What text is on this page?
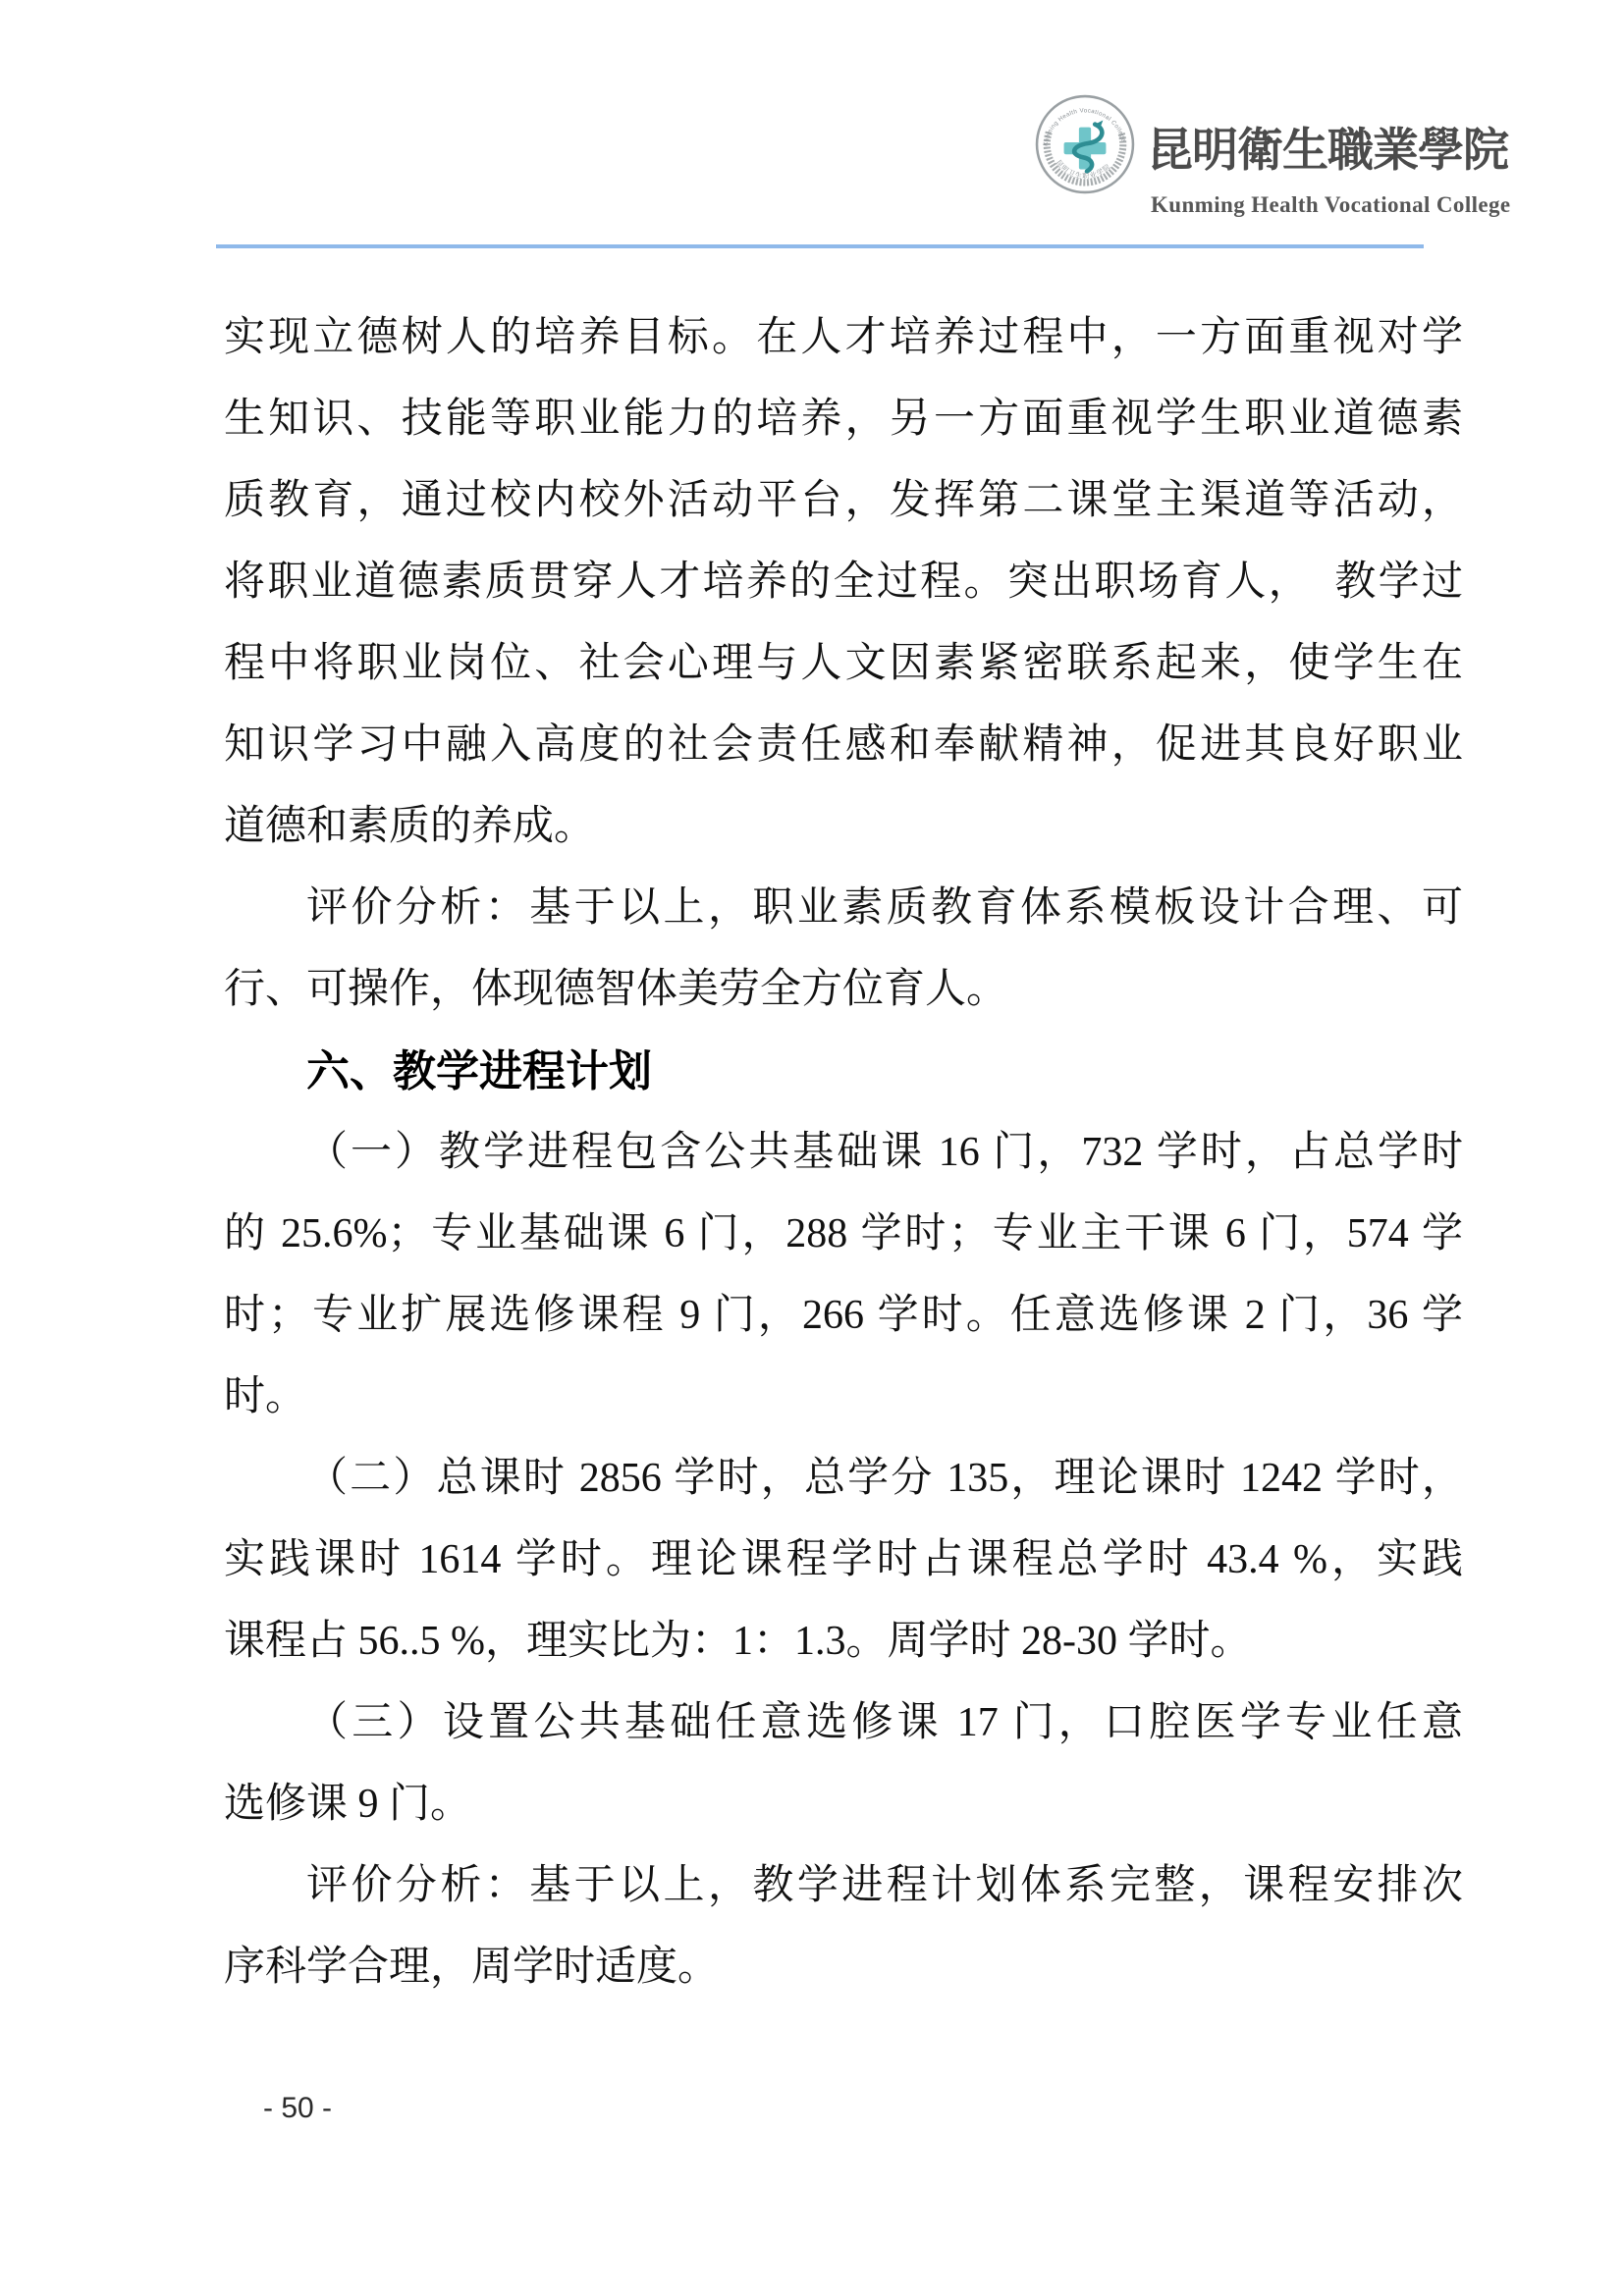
Kunming Health Vocational College
昆明卫生职业学院 昆明衛生職業學院
Kunming Health Vocational College
实现立德树人的培养目标。在人才培养过程中，一方面重视对学
生知识、技能等职业能力的培养，另一方面重视学生职业道德素
质教育，通过校内校外活动平台，发挥第二课堂主渠道等活动，
将职业道德素质贯穿人才培养的全过程。突出职场育人，　教学过
程中将职业岗位、社会心理与人文因素紧密联系起来，使学生在
知识学习中融入高度的社会责任感和奉献精神，促进其良好职业
道德和素质的养成。
评价分析：基于以上，职业素质教育体系模板设计合理、可
行、可操作，体现德智体美劳全方位育人。
六、教学进程计划
（一）教学进程包含公共基础课 16 门，732 学时，占总学时
的 25.6%；专业基础课 6 门，288 学时；专业主干课 6 门，574 学
时；专业扩展选修课程 9 门，266 学时。任意选修课 2 门，36 学
时。
（二）总课时 2856 学时，总学分 135，理论课时 1242 学时，
实践课时 1614 学时。理论课程学时占课程总学时 43.4 %，实践
课程占 56..5 %，理实比为：1：1.3。周学时 28-30 学时。
（三）设置公共基础任意选修课 17 门，口腔医学专业任意
选修课 9 门。
评价分析：基于以上，教学进程计划体系完整，课程安排次
序科学合理，周学时适度。
- 50 -
